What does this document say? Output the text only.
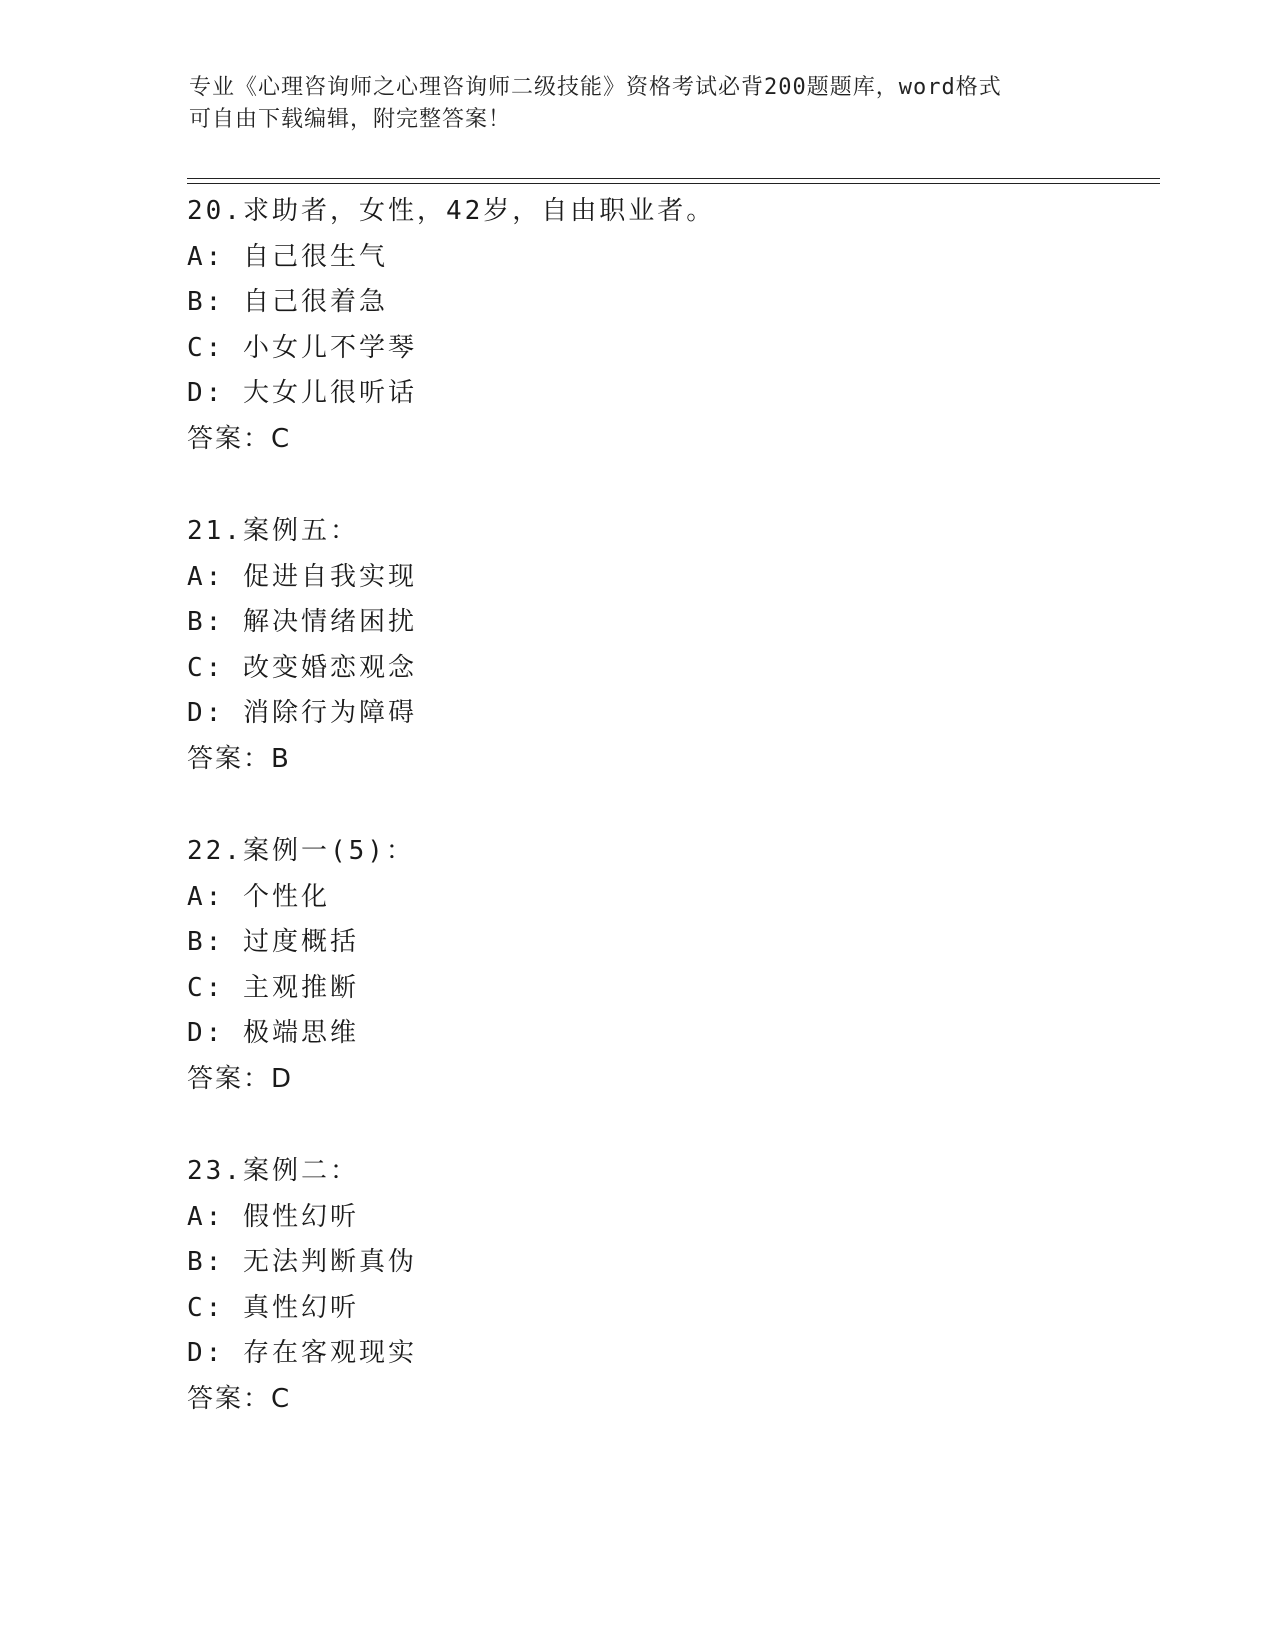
专业《心理咨询师之心理咨询师二级技能》资格考试必背200题题库，word格式
可自由下载编辑，附完整答案！
20.求助者，女性，42岁，自由职业者。
A: 自己很生气
B: 自己很着急
C: 小女儿不学琴
D: 大女儿很听话
答案：C
21.案例五：
A: 促进自我实现
B: 解决情绪困扰
C: 改变婚恋观念
D: 消除行为障碍
答案：B
22.案例一(5)：
A: 个性化
B: 过度概括
C: 主观推断
D: 极端思维
答案：D
23.案例二：
A: 假性幻听
B: 无法判断真伪
C: 真性幻听
D: 存在客观现实
答案：C
